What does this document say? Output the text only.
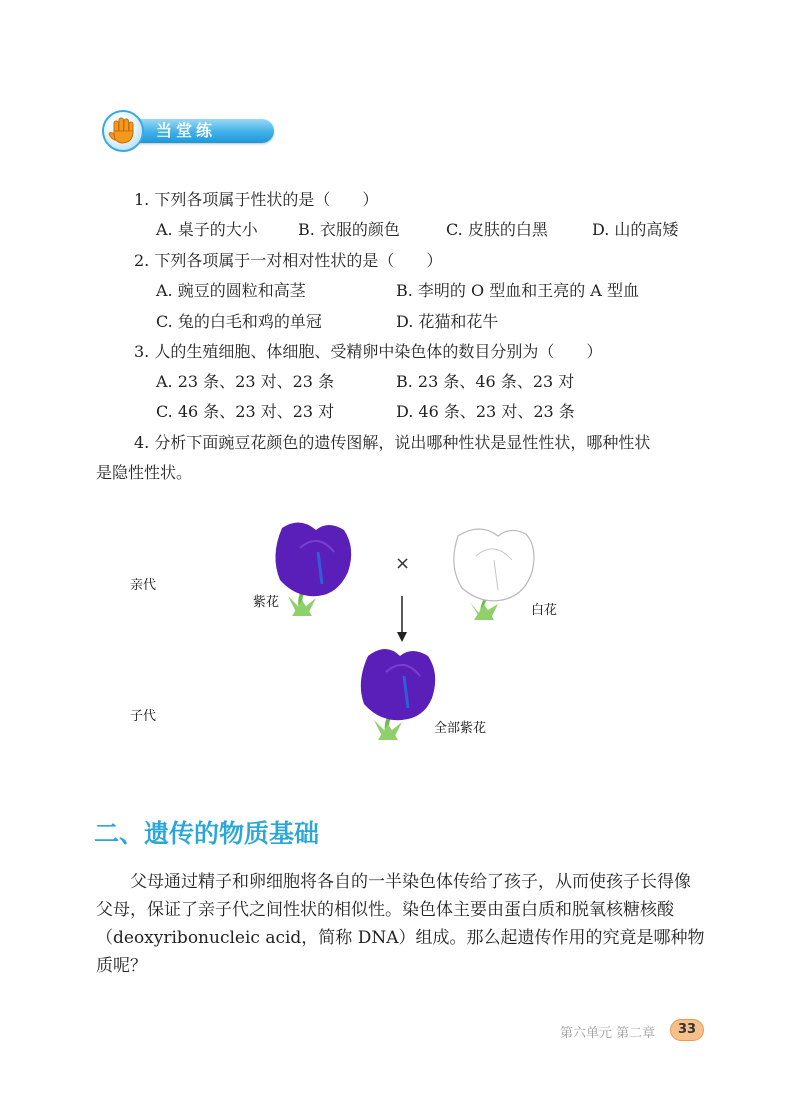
当堂练
1. 下列各项属于性状的是（　　）
A. 桌子的大小	B. 衣服的颜色	C. 皮肤的白黑	D. 山的高矮
2. 下列各项属于一对相对性状的是（　　）
A. 豌豆的圆粒和高茎	B. 李明的 O 型血和王亮的 A 型血
C. 兔的白毛和鸡的单冠	D. 花猫和花牛
3. 人的生殖细胞、体细胞、受精卵中染色体的数目分别为（　　）
A. 23 条、23 对、23 条	B. 23 条、46 条、23 对
C. 46 条、23 对、23 对	D. 46 条、23 对、23 条
4. 分析下面豌豆花颜色的遗传图解，说出哪种性状是显性性状，哪种性状
是隐性性状。
亲代
紫花
×
白花
子代
全部紫花
二、遗传的物质基础
父母通过精子和卵细胞将各自的一半染色体传给了孩子，从而使孩子长得像父母，保证了亲子代之间性状的相似性。染色体主要由蛋白质和脱氧核糖核酸（deoxyribonucleic acid，简称 DNA）组成。那么起遗传作用的究竟是哪种物质呢？
第六单元 第二章	33
